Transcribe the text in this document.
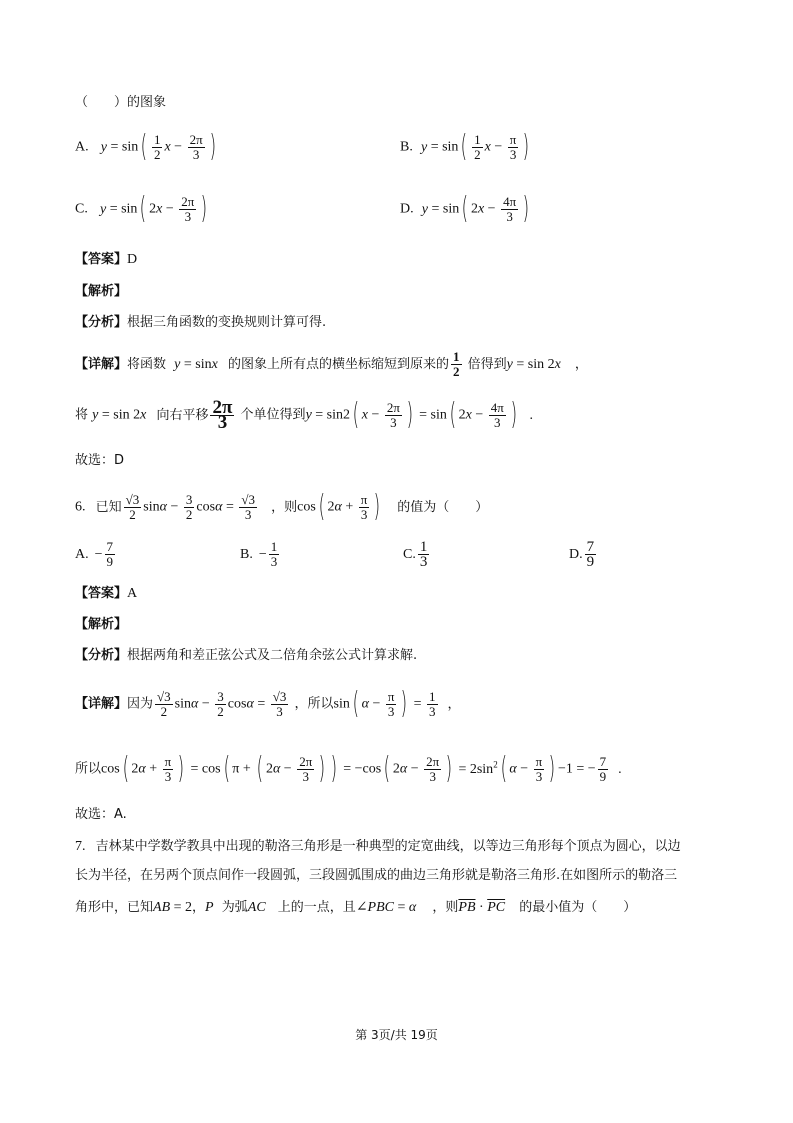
（　　）的图象
A. $y = \sin( \frac{1}{2}$ $x - \frac{2\pi}{3}$ )	B. $y = \sin( \frac{1}{2}$ $x - \frac{\pi}{3}$ )
C. y = sin( $2x - \frac{2\pi}{3}$ )	D. y = sin( $2x - \frac{4\pi}{3}$ )
【答案】D
【解析】
【分析】根据三角函数的变换规则计算可得.
【详解】将函数 y = sinx 的图象上所有点的横坐标缩短到原来的 $\frac{1}{2}$ 倍得到y = sin 2x ，
将 y = sin 2x 向右平移 $\frac{2\pi}{3}$ 个单位得到y = sin2( $x - \frac{2\pi}{3}$ ) = sin( $2x - \frac{4\pi}{3}$ ) .
故选：D
6. 已知 $\frac{√3}{2}$ $\sin\alpha - \frac{3}{2}$ $\cos\alpha = \frac{√3}{3}$ ，则cos( $2\alpha + \frac{\pi}{3}$ ) 的值为（　　）
A. − $\frac{7}{9}$	B. − $\frac{1}{3}$	C. $\frac{1}{3}$	D. $\frac{7}{9}$
【答案】A
【解析】
【分析】根据两角和差正弦公式及二倍角余弦公式计算求解.
【详解】因为 $\frac{√3}{2}$ $\sin\alpha - \frac{3}{2}$ $\cos\alpha = \frac{√3}{3}$ ，所以sin( $\alpha - \frac{\pi}{3}$ ) = $\frac{1}{3}$ ，
所以cos( $2\alpha + \frac{\pi}{3}$ ) = cos( π + ( $2\alpha - \frac{2\pi}{3}$ ) ) = −cos( $2\alpha - \frac{2\pi}{3}$ ) = $2\sin^2$( $\alpha - \frac{\pi}{3}$ ) −1 = − $\frac{7}{9}$ .
故选：A.
7. 吉林某中学数学教具中出现的勒洛三角形是一种典型的定宽曲线，以等边三角形每个顶点为圆心，以边
长为半径，在另两个顶点间作一段圆弧，三段圆弧围成的曲边三角形就是勒洛三角形.在如图所示的勒洛三
角形中，已知AB = 2，P 为弧AC 上的一点，且∠PBC = α ，则$\overline{PB} \cdot \overline{PC}$ 的最小值为（　　）
第 3页/共 19页
